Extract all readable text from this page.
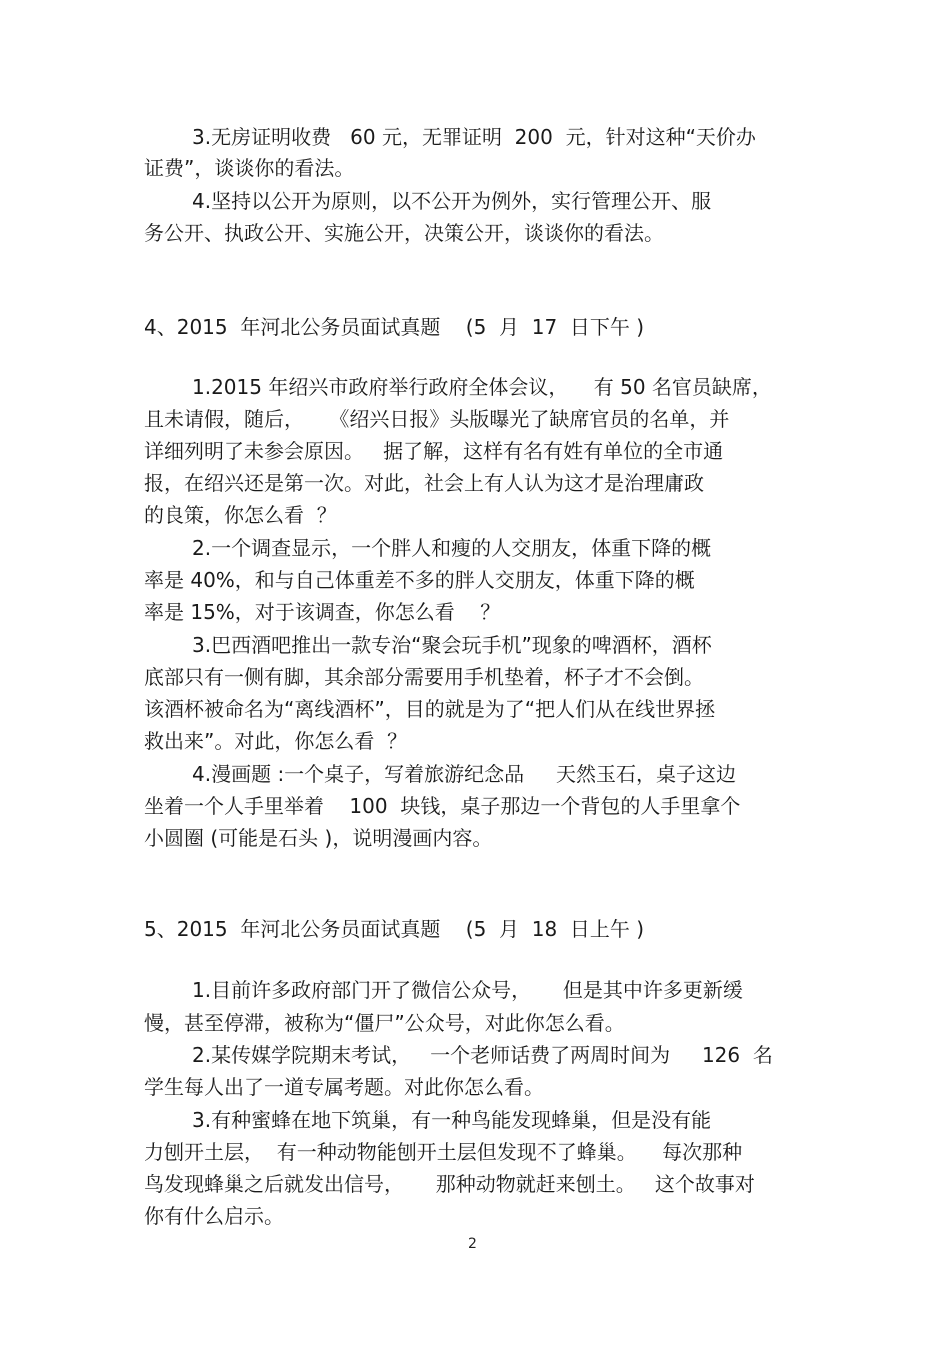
3.无房证明收费   60 元，无罪证明  200  元，针对这种“天价办
证费”，谈谈你的看法。
4.坚持以公开为原则，以不公开为例外，实行管理公开、服
务公开、执政公开、实施公开，决策公开，谈谈你的看法。
4、2015  年河北公务员面试真题    (5  月  17  日下午 )
1.2015 年绍兴市政府举行政府全体会议，    有 50 名官员缺席，
且未请假，随后，    《绍兴日报》头版曝光了缺席官员的名单，并
详细列明了未参会原因。   据了解，这样有名有姓有单位的全市通
报，在绍兴还是第一次。对此，社会上有人认为这才是治理庸政
的良策，你怎么看  ？
2.一个调查显示，一个胖人和瘦的人交朋友，体重下降的概
率是 40%，和与自己体重差不多的胖人交朋友，体重下降的概
率是 15%，对于该调查，你怎么看    ？
3.巴西酒吧推出一款专治“聚会玩手机”现象的啤酒杯，酒杯
底部只有一侧有脚，其余部分需要用手机垫着，杯子才不会倒。
该酒杯被命名为“离线酒杯”，目的就是为了“把人们从在线世界拯
救出来”。对此，你怎么看  ？
4.漫画题 :一个桌子，写着旅游纪念品     天然玉石，桌子这边
坐着一个人手里举着    100  块钱，桌子那边一个背包的人手里拿个
小圆圈 (可能是石头 )，说明漫画内容。
5、2015  年河北公务员面试真题    (5  月  18  日上午 )
1.目前许多政府部门开了微信公众号，     但是其中许多更新缓
慢，甚至停滞，被称为“僵尸”公众号，对此你怎么看。
2.某传媒学院期末考试，   一个老师话费了两周时间为     126  名
学生每人出了一道专属考题。对此你怎么看。
3.有种蜜蜂在地下筑巢，有一种鸟能发现蜂巢，但是没有能
力刨开土层，  有一种动物能刨开土层但发现不了蜂巢。    每次那种
鸟发现蜂巢之后就发出信号，     那种动物就赶来刨土。   这个故事对
你有什么启示。
2
